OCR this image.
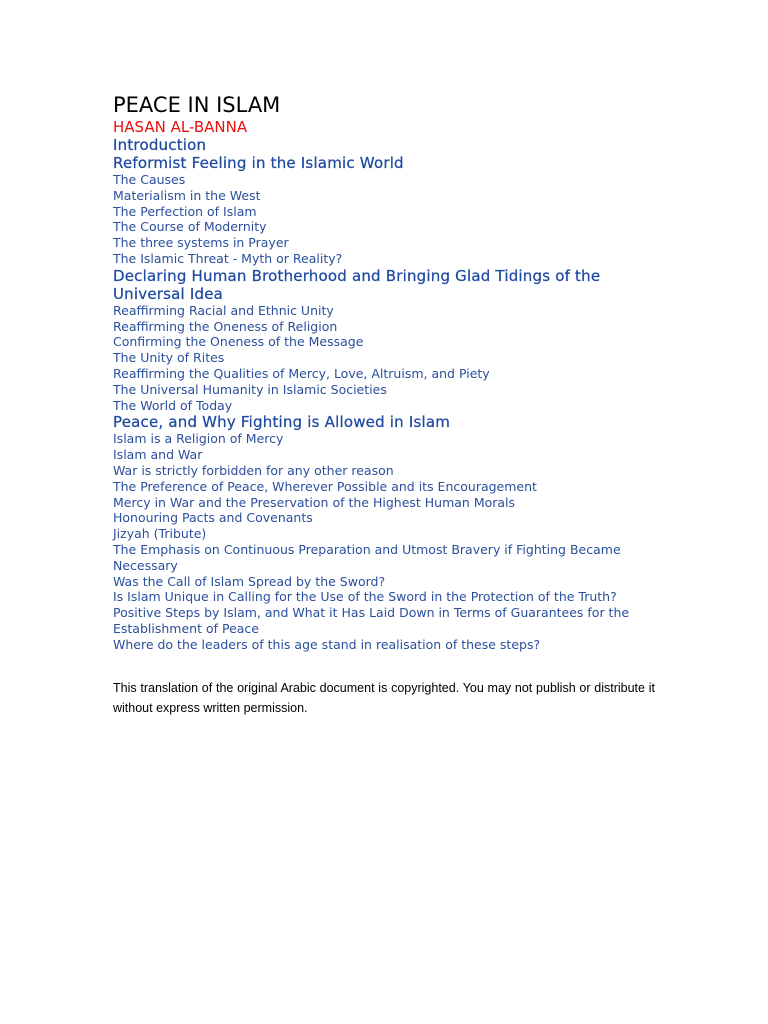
PEACE IN ISLAM

HASAN AL-BANNA

Introduction

Reformist Feeling in the Islamic World

The Causes
Materialism in the West
The Perfection of Islam
The Course of Modernity
The three systems in Prayer
The Islamic Threat - Myth or Reality?

Declaring Human Brotherhood and Bringing Glad Tidings of the Universal Idea

Reaffirming Racial and Ethnic Unity
Reaffirming the Oneness of Religion
Confirming the Oneness of the Message
The Unity of Rites
Reaffirming the Qualities of Mercy, Love, Altruism, and Piety
The Universal Humanity in Islamic Societies
The World of Today

Peace, and Why Fighting is Allowed in Islam

Islam is a Religion of Mercy
Islam and War
War is strictly forbidden for any other reason
The Preference of Peace, Wherever Possible and its Encouragement
Mercy in War and the Preservation of the Highest Human Morals
Honouring Pacts and Covenants
Jizyah (Tribute)
The Emphasis on Continuous Preparation and Utmost Bravery if Fighting Became Necessary
Was the Call of Islam Spread by the Sword?
Is Islam Unique in Calling for the Use of the Sword in the Protection of the Truth?
Positive Steps by Islam, and What it Has Laid Down in Terms of Guarantees for the Establishment of Peace
Where do the leaders of this age stand in realisation of these steps?

This translation of the original Arabic document is copyrighted. You may not publish or distribute it without express written permission.
